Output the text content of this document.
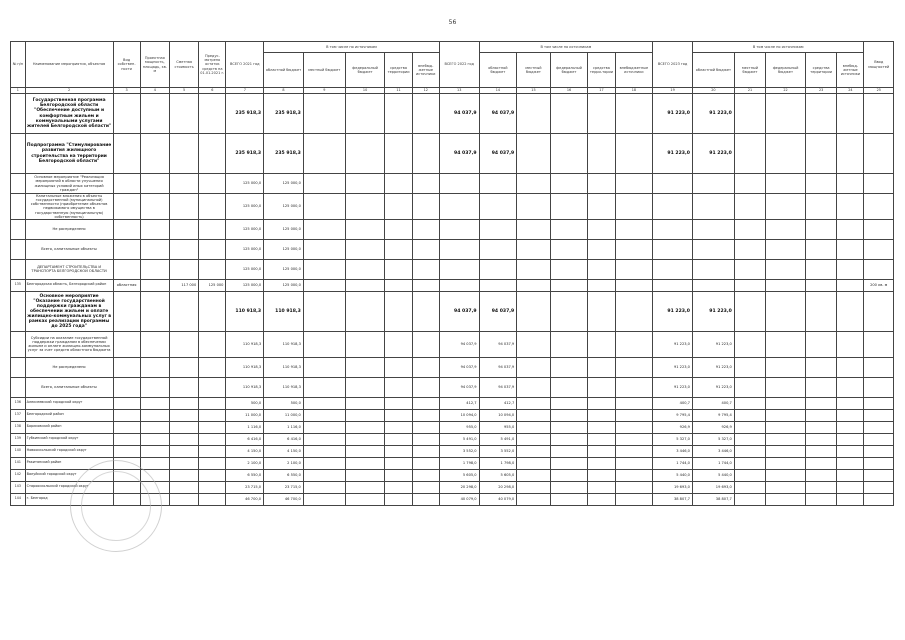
56
№ п/п	Наименование мероприятия, объектов	Вид собствен-ности	Проектная мощность, площадь, кв. м	Сметная стоимость	Предус-мотрено остаток средств на 01.01.2021 г.	ВСЕГО 2021 год	В том числе по источникам					ВСЕГО 2022 год	В том числе по источникам					ВСЕГО 2023 год	В том числе по источникам					Ввод мощностей
							областной бюджет	местный бюджет	федеральный бюджет	средства территории	внебюд-жетные источники		областной бюджет	местный бюджет	федеральный бюджет	средства терри-тории	внебюджетные источники		областной бюджет	местный бюджет	федеральный бюджет	средства территории	внебюд-жетные источники	
1	2	3	4	5	6	7	8	9	10	11	12	13	14	15	16	17	18	19	20	21	22	23	24	25
	Государственная программа Белгородской области "Обеспечение доступным и комфортным жильем и коммунальными услугами жителей Белгородской области"					235 918,3	235 918,3					94 037,9	94 037,9					91 223,0	91 223,0					
	Подпрограмма "Стимулирование развития жилищного строительства на территории Белгородской области"					235 918,3	235 918,3					94 037,9	94 037,9					91 223,0	91 223,0					
	Основное мероприятие "Реализация мероприятий в области улучшения жилищных условий иных категорий граждан"					125 000,0	125 000,0																	
	Капитальные вложения в объекты государственной (муниципальной) собственности (приобретение объектов недвижимого имущества в государственную (муниципальную) собственность)					125 000,0	125 000,0																	
	Не распределено					125 000,0	125 000,0																	
	Всего, капитальные объекты					125 000,0	125 000,0																	
	ДЕПАРТАМЕНТ СТРОИТЕЛЬСТВА И ТРАНСПОРТА БЕЛГОРОДСКОЙ ОБЛАСТИ					125 000,0	125 000,0																	
135	Белгородская область, Белгородский район	областная		117 000	125 000	125 000,0	125 000,0																	200 кв. м
	Основное мероприятие "Оказание государственной поддержки гражданам в обеспечении жильем и оплате жилищно-коммунальных услуг в рамках реализации программы до 2025 года"					110 918,3	110 918,3					94 037,9	94 037,9					91 223,0	91 223,0					
	Субсидии на оказание государственной поддержки гражданам в обеспечении жильем и оплате жилищно-коммунальных услуг за счет средств областного бюджета					110 918,3	110 918,3					94 037,9	94 037,9					91 223,0	91 223,0					
	Не распределено					110 918,3	110 918,3					94 037,9	94 037,9					91 223,0	91 223,0					
	Всего, капитальные объекты					110 918,3	110 918,3					94 037,9	94 037,9					91 223,0	91 223,0					
136	Алексеевский городской округ					500,0	500,0					412,7	412,7					400,7	400,7					
137	Белгородский район					11 000,0	11 000,0					10 094,0	10 094,0					9 795,4	9 795,4					
138	Борисовский район					1 116,0	1 116,0					955,0	955,0					926,9	926,9					
139	Губкинский городской округ					6 416,0	6 416,0					5 491,0	5 491,0					5 327,0	5 327,0					
140	Новооскольский городской округ					4 150,0	4 150,0					3 552,0	3 552,0					3 446,0	3 446,0					
141	Ракитянский район					2 100,0	2 100,0					1 798,0	1 798,0					1 744,0	1 744,0					
142	Валуйский городской округ					6 550,0	6 550,0					5 605,0	5 605,0					5 440,0	5 440,0					
143	Старооскольский городской округ					23 715,0	23 715,0					20 298,0	20 298,0					19 693,0	19 693,0					
144	г. Белгород					46 700,0	46 700,0					40 079,0	40 079,0					38 807,7	38 807,7					
